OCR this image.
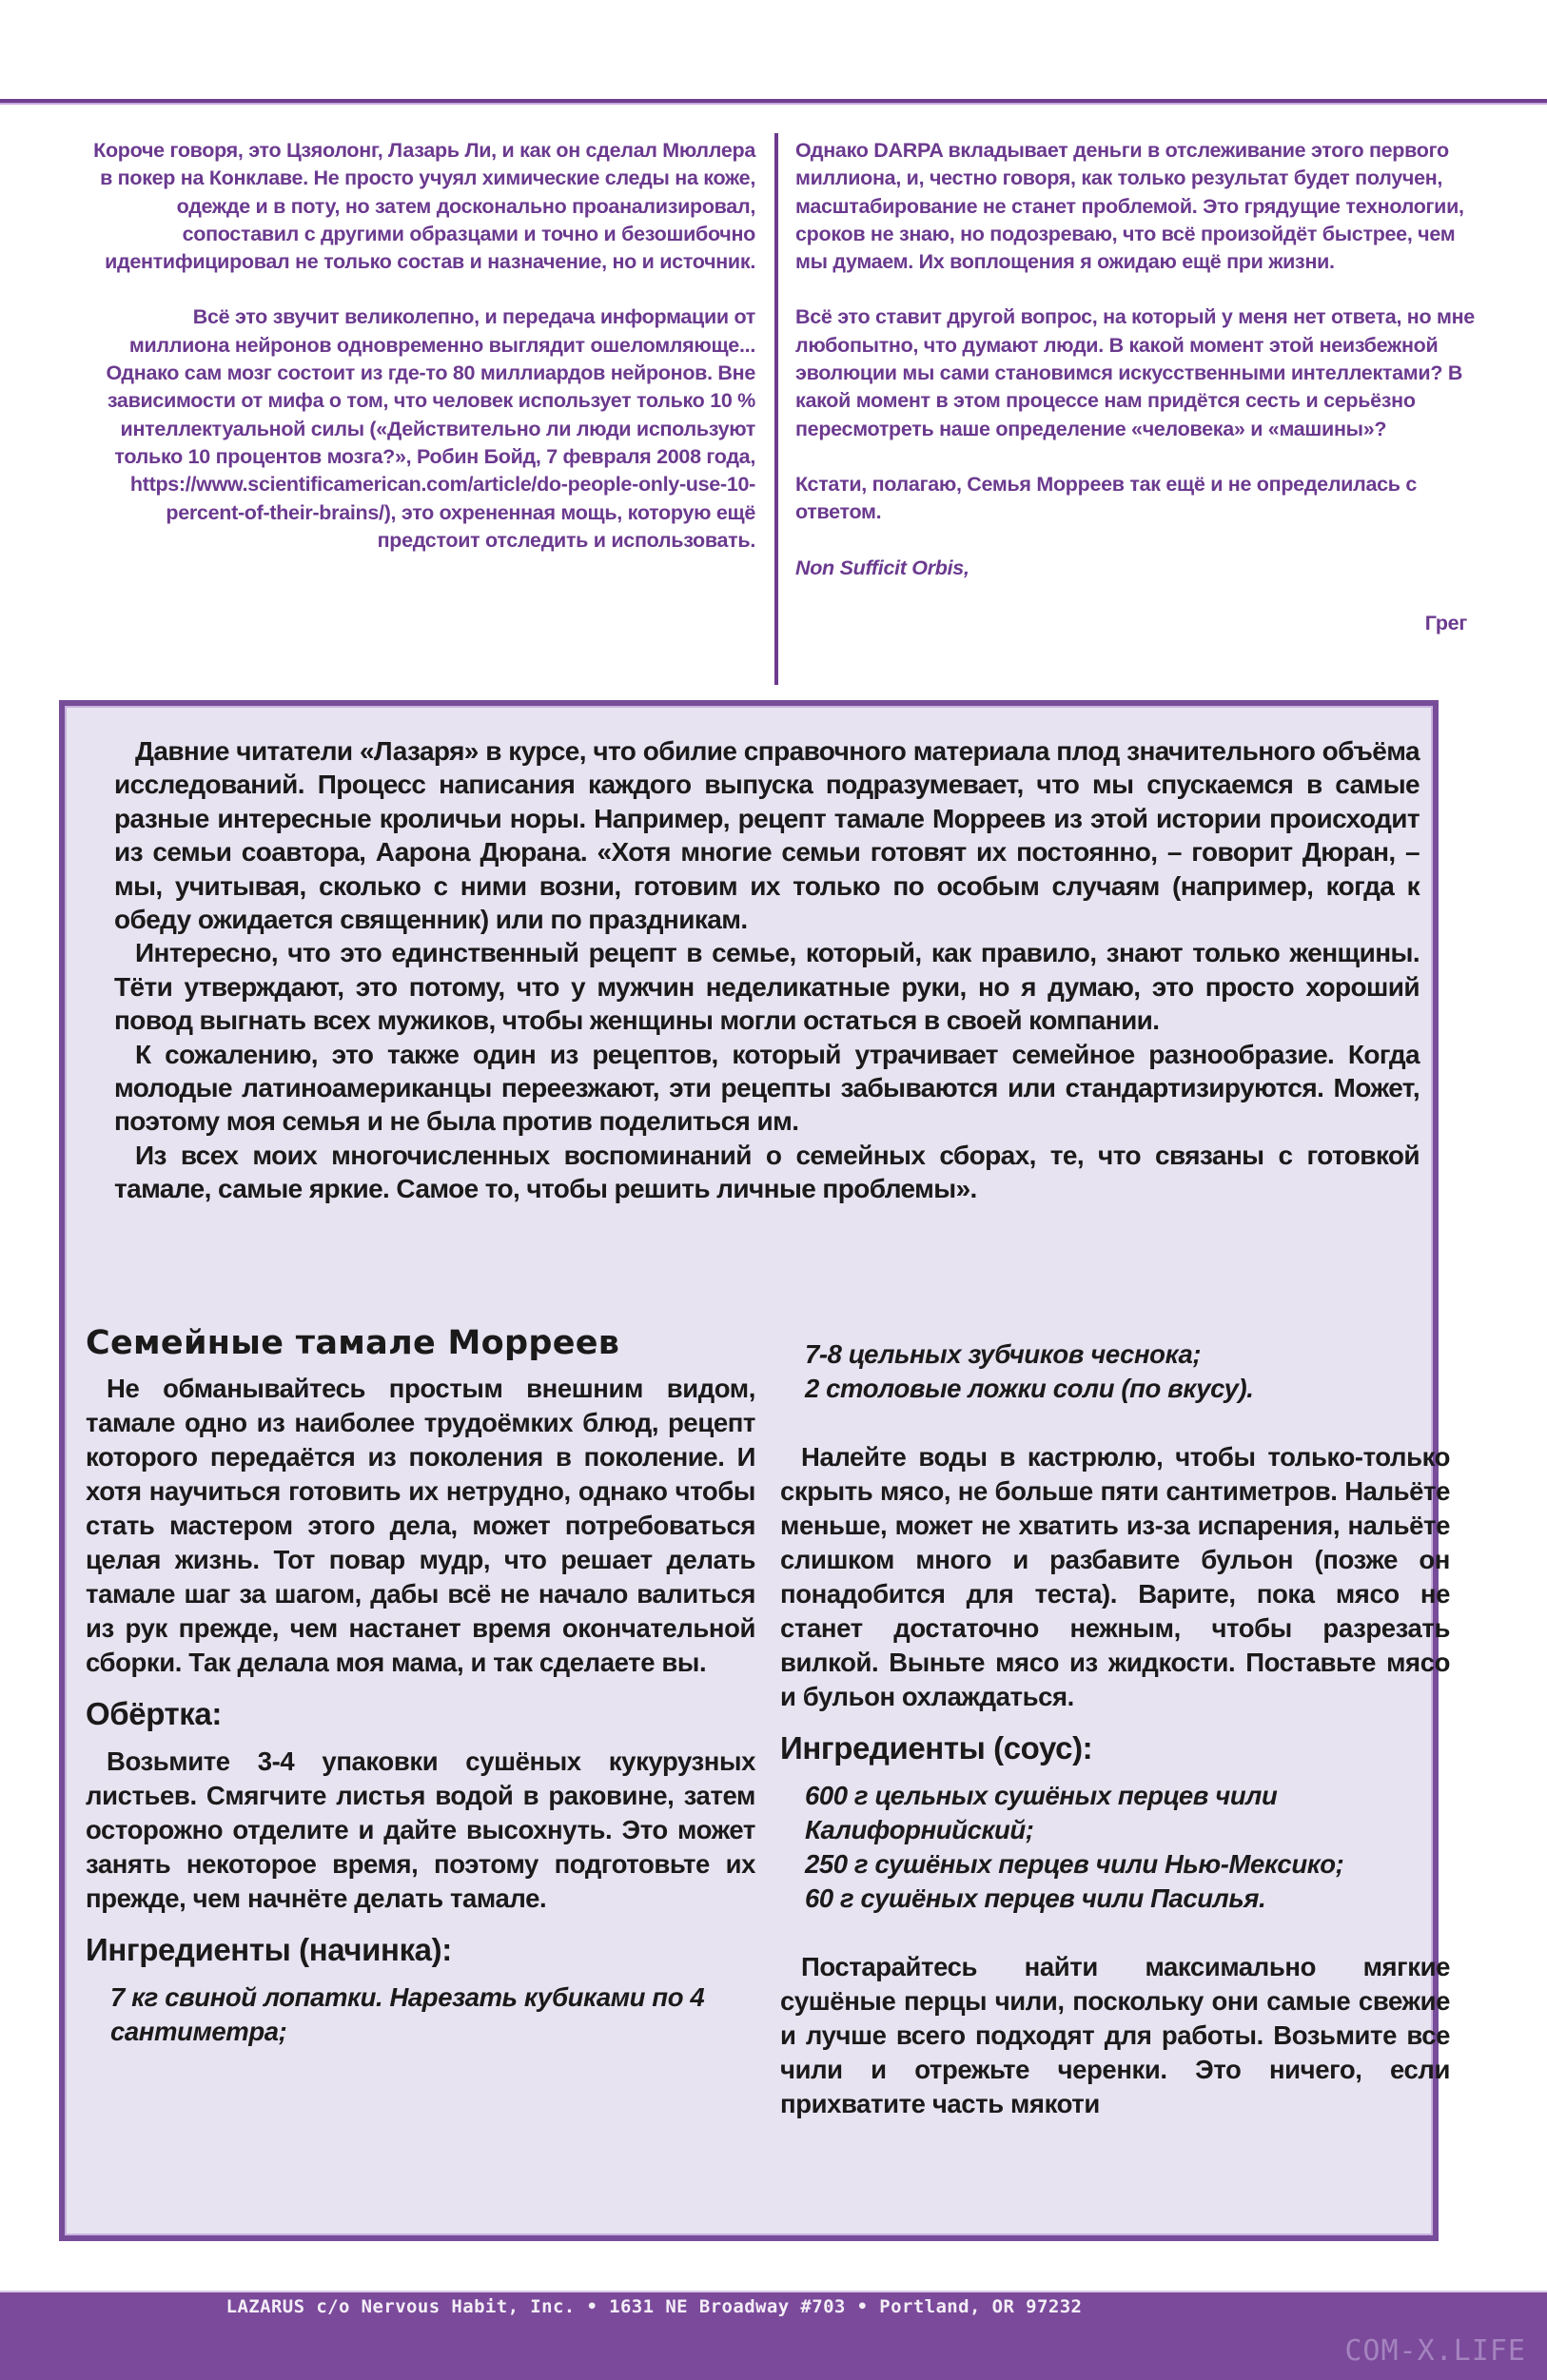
Короче говоря, это Цзяолонг, Лазарь Ли, и как он сделал Мюллера в покер на Конклаве. Не просто учуял химические следы на коже, одежде и в поту, но затем досконально проанализировал, сопоставил с другими образцами и точно и безошибочно идентифицировал не только состав и назначение, но и источник.

Всё это звучит великолепно, и передача информации от миллиона нейронов одновременно выглядит ошеломляюще... Однако сам мозг состоит из где-то 80 миллиардов нейронов. Вне зависимости от мифа о том, что человек использует только 10 % интеллектуальной силы («Действительно ли люди используют только 10 процентов мозга?», Робин Бойд, 7 февраля 2008 года, https://www.scientificamerican.com/article/do-people-only-use-10-percent-of-their-brains/), это охрененная мощь, которую ещё предстоит отследить и использовать.

Однако DARPA вкладывает деньги в отслеживание этого первого миллиона, и, честно говоря, как только результат будет получен, масштабирование не станет проблемой. Это грядущие технологии, сроков не знаю, но подозреваю, что всё произойдёт быстрее, чем мы думаем. Их воплощения я ожидаю ещё при жизни.

Всё это ставит другой вопрос, на который у меня нет ответа, но мне любопытно, что думают люди. В какой момент этой неизбежной эволюции мы сами становимся искусственными интеллектами? В какой момент в этом процессе нам придётся сесть и серьёзно пересмотреть наше определение «человека» и «машины»?

Кстати, полагаю, Семья Морреев так ещё и не определилась с ответом.

Non Sufficit Orbis,

Грег

Давние читатели «Лазаря» в курсе, что обилие справочного материала плод значительного объёма исследований. Процесс написания каждого выпуска подразумевает, что мы спускаемся в самые разные интересные кроличьи норы. Например, рецепт тамале Морреев из этой истории происходит из семьи соавтора, Аарона Дюрана. «Хотя многие семьи готовят их постоянно, – говорит Дюран, – мы, учитывая, сколько с ними возни, готовим их только по особым случаям (например, когда к обеду ожидается священник) или по праздникам.

Интересно, что это единственный рецепт в семье, который, как правило, знают только женщины. Тёти утверждают, это потому, что у мужчин неделикатные руки, но я думаю, это просто хороший повод выгнать всех мужиков, чтобы женщины могли остаться в своей компании.

К сожалению, это также один из рецептов, который утрачивает семейное разнообразие. Когда молодые латиноамериканцы переезжают, эти рецепты забываются или стандартизируются. Может, поэтому моя семья и не была против поделиться им.

Из всех моих многочисленных воспоминаний о семейных сборах, те, что связаны с готовкой тамале, самые яркие. Самое то, чтобы решить личные проблемы».

Семейные тамале Морреев

Не обманывайтесь простым внешним видом, тамале одно из наиболее трудоёмких блюд, рецепт которого передаётся из поколения в поколение. И хотя научиться готовить их нетрудно, однако чтобы стать мастером этого дела, может потребоваться целая жизнь. Тот повар мудр, что решает делать тамале шаг за шагом, дабы всё не начало валиться из рук прежде, чем настанет время окончательной сборки. Так делала моя мама, и так сделаете вы.

Обёртка:

Возьмите 3-4 упаковки сушёных кукурузных листьев. Смягчите листья водой в раковине, затем осторожно отделите и дайте высохнуть. Это может занять некоторое время, поэтому подготовьте их прежде, чем начнёте делать тамале.

Ингредиенты (начинка):
7 кг свиной лопатки. Нарезать кубиками по 4 сантиметра;
7-8 цельных зубчиков чеснока;
2 столовые ложки соли (по вкусу).

Налейте воды в кастрюлю, чтобы только-только скрыть мясо, не больше пяти сантиметров. Нальёте меньше, может не хватить из-за испарения, нальёте слишком много и разбавите бульон (позже он понадобится для теста). Варите, пока мясо не станет достаточно нежным, чтобы разрезать вилкой. Выньте мясо из жидкости. Поставьте мясо и бульон охлаждаться.

Ингредиенты (соус):
600 г цельных сушёных перцев чили Калифорнийский;
250 г сушёных перцев чили Нью-Мексико;
60 г сушёных перцев чили Пасилья.

Постарайтесь найти максимально мягкие сушёные перцы чили, поскольку они самые свежие и лучше всего подходят для работы. Возьмите все чили и отрежьте черенки. Это ничего, если прихватите часть мякоти

LAZARUS c/o Nervous Habit, Inc. • 1631 NE Broadway #703 • Portland, OR 97232
COM-X.LIFE
